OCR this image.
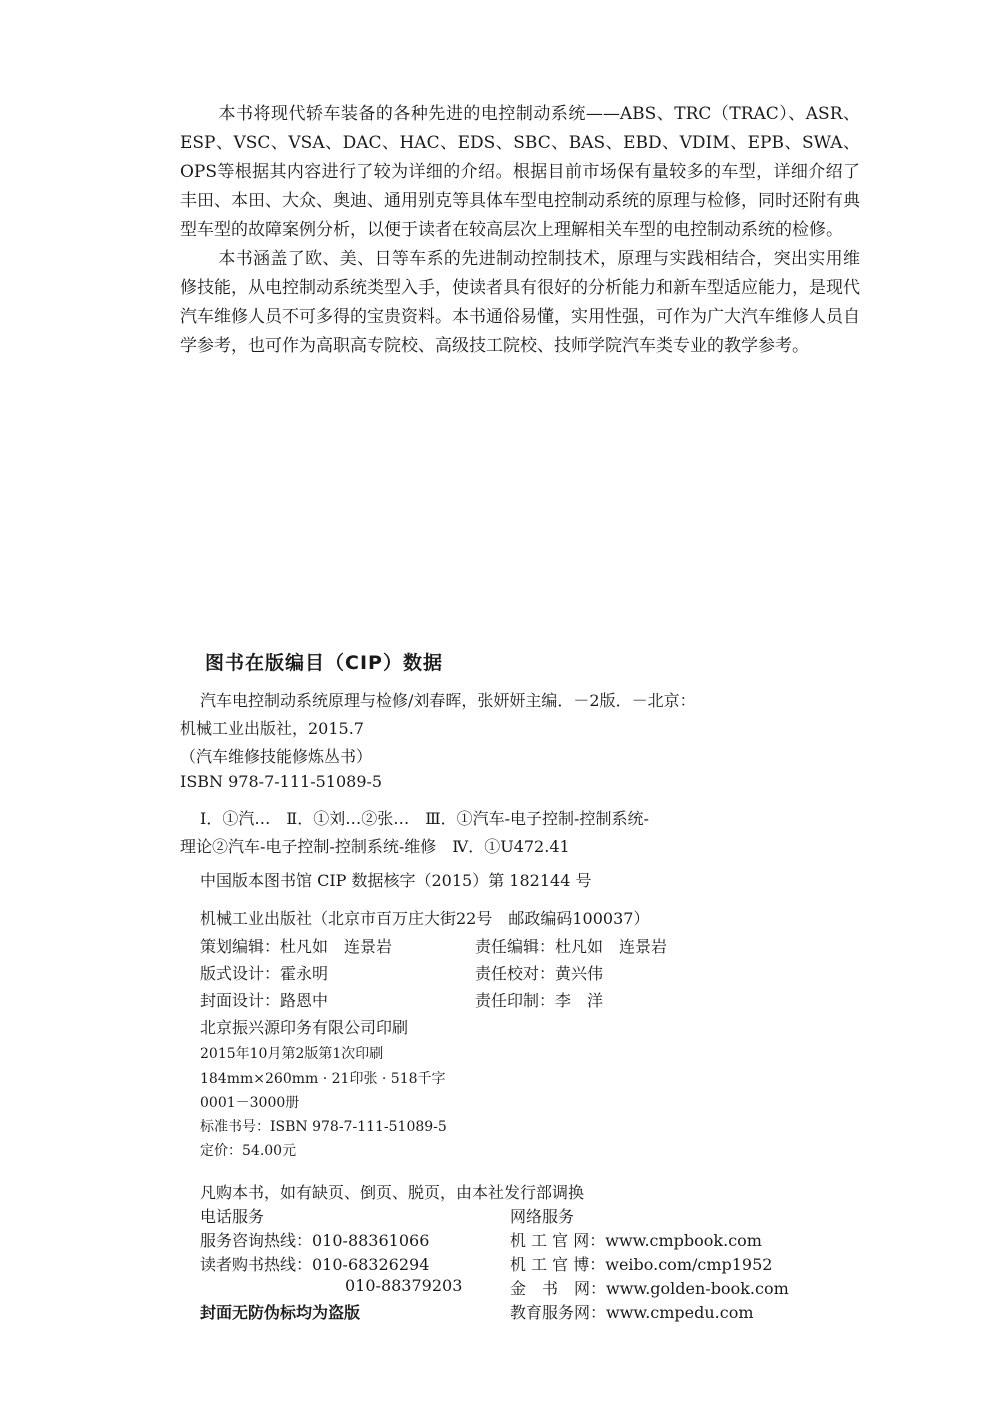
本书将现代轿车装备的各种先进的电控制动系统——ABS、TRC（TRAC）、ASR、ESP、VSC、VSA、DAC、HAC、EDS、SBC、BAS、EBD、VDIM、EPB、SWA、OPS等根据其内容进行了较为详细的介绍。根据目前市场保有量较多的车型，详细介绍了丰田、本田、大众、奥迪、通用别克等具体车型电控制动系统的原理与检修，同时还附有典型车型的故障案例分析，以便于读者在较高层次上理解相关车型的电控制动系统的检修。

本书涵盖了欧、美、日等车系的先进制动控制技术，原理与实践相结合，突出实用维修技能，从电控制动系统类型入手，使读者具有很好的分析能力和新车型适应能力，是现代汽车维修人员不可多得的宝贵资料。本书通俗易懂，实用性强，可作为广大汽车维修人员自学参考，也可作为高职高专院校、高级技工院校、技师学院汽车类专业的教学参考。

图书在版编目（CIP）数据
汽车电控制动系统原理与检修/刘春晖，张妍妍主编．－2版．－北京：
机械工业出版社，2015.7
（汽车维修技能修炼丛书）
ISBN 978-7-111-51089-5
Ⅰ．①汽…　Ⅱ．①刘…②张…　Ⅲ．①汽车-电子控制-控制系统-
理论②汽车-电子控制-控制系统-维修　Ⅳ．①U472.41
中国版本图书馆 CIP 数据核字（2015）第 182144 号
机械工业出版社（北京市百万庄大街22号　邮政编码100037）
策划编辑：杜凡如　连景岩	责任编辑：杜凡如　连景岩
版式设计：霍永明	责任校对：黄兴伟
封面设计：路恩中	责任印制：李　洋
北京振兴源印务有限公司印刷
2015年10月第2版第1次印刷
184mm×260mm · 21印张 · 518千字
0001－3000册
标准书号：ISBN 978-7-111-51089-5
定价：54.00元
凡购本书，如有缺页、倒页、脱页，由本社发行部调换
电话服务	网络服务
服务咨询热线：010-88361066	机 工 官 网：www.cmpbook.com
读者购书热线：010-68326294	机 工 官 博：weibo.com/cmp1952
010-88379203	金　书　网：www.golden-book.com
封面无防伪标均为盗版	教育服务网：www.cmpedu.com
